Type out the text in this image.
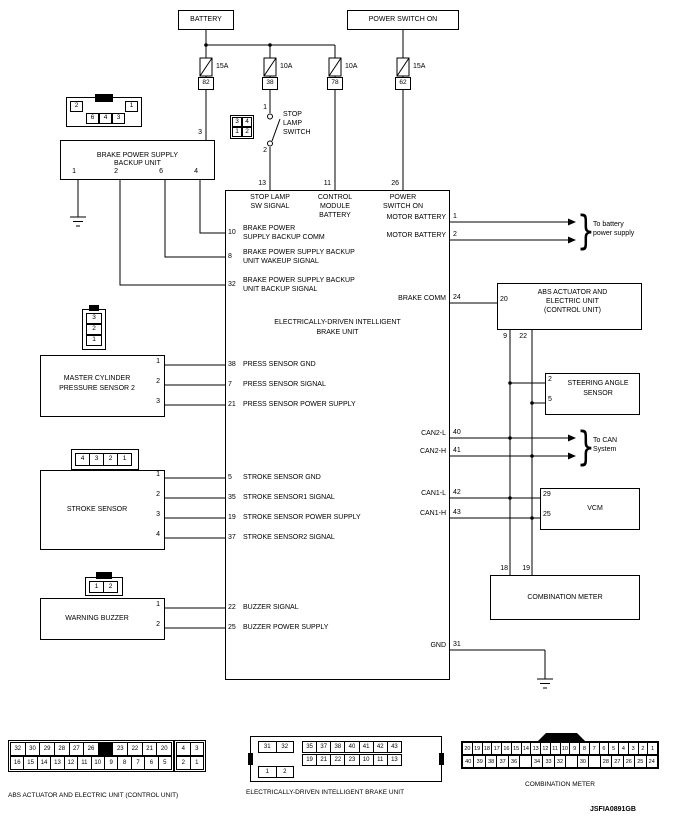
BATTERY	POWER SWITCH ON
82	38	78	62
15A	10A	10A	15A
BRAKE POWER SUPPLY
BACKUP UNIT
3
1	2	6	4
2	1
6	4	3	3 4
1 2
1
2
STOP
LAMP
SWITCH
ELECTRICALLY-DRIVEN INTELLIGENT
BRAKE UNIT
ABS ACTUATOR AND
ELECTRIC UNIT
(CONTROL UNIT)
20
9	22
STEERING ANGLE
SENSOR
2
5
VCM
29
25
COMBINATION METER
18	19
}
To battery
power supply
}
To CAN
System
MASTER CYLINDER
PRESSURE SENSOR 2
1
2
3
3
2
1
STROKE SENSOR
1
2
3
4
4	3	2	1
WARNING BUZZER
1
2
1	2
32	30	29	28	27	26	23	22	21	20
16	15	14	13	12	11	10	9	8	7	6	5
4	3
2	1
ABS ACTUATOR AND ELECTRIC UNIT (CONTROL UNIT)
31	32
1	2
35	37	38	40	41	42	43
19	21	22	23	10	11	13
ELECTRICALLY-DRIVEN INTELLIGENT BRAKE UNIT
20 19 18 17 16 15 14 13 12 11 10 9	8	7	6	5	4	3	2	1
40 39 38 37 36	34 33 32	30	28 27 26 25 24
COMBINATION METER
JSFIA0891GB
10
BRAKE POWER
SUPPLY BACKUP COMM
8
BRAKE POWER SUPPLY BACKUP
UNIT WAKEUP SIGNAL
32
BRAKE POWER SUPPLY BACKUP
UNIT BACKUP SIGNAL
38 PRESS SENSOR GND
7 PRESS SENSOR SIGNAL
21 PRESS SENSOR POWER SUPPLY
5 STROKE SENSOR GND
35 STROKE SENSOR1 SIGNAL
19 STROKE SENSOR POWER SUPPLY
37 STROKE SENSOR2 SIGNAL
22 BUZZER SIGNAL
25 BUZZER POWER SUPPLY
MOTOR BATTERY 1
MOTOR BATTERY 2
BRAKE COMM 24
CAN2-L 40
CAN2-H 41
CAN1-L 42
CAN1-H 43
GND 31
13
STOP LAMP
SW SIGNAL
11
CONTROL
MODULE
BATTERY
26
POWER
SWITCH ON
